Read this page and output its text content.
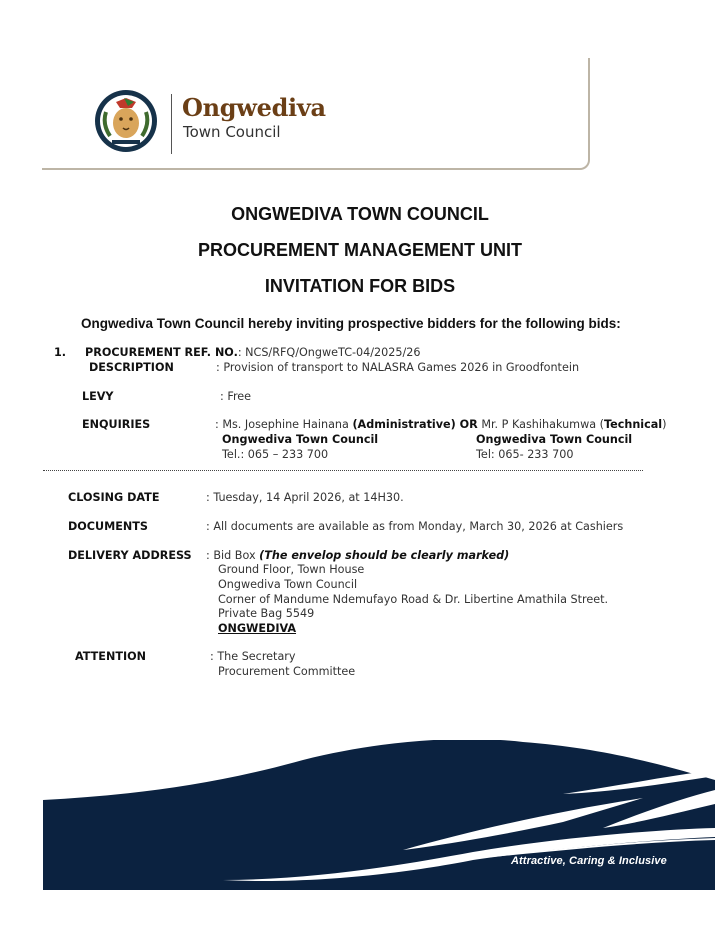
Ongwediva
Town Council
ONGWEDIVA TOWN COUNCIL
PROCUREMENT MANAGEMENT UNIT
INVITATION FOR BIDS
Ongwediva Town Council hereby inviting prospective bidders for the following bids:
1. PROCUREMENT REF. NO.: NCS/RFQ/OngweTC-04/2025/26
DESCRIPTION	: Provision of transport to NALASRA Games 2026 in Groodfontein
LEVY	: Free
ENQUIRIES	: Ms. Josephine Hainana (Administrative) OR Mr. P Kashihakumwa (Technical)
Ongwediva Town Council
Tel.: 065 – 233 700
Ongwediva Town Council
Tel: 065- 233 700
CLOSING DATE	: Tuesday, 14 April 2026, at 14H30.
DOCUMENTS	: All documents are available as from Monday, March 30, 2026 at Cashiers
DELIVERY ADDRESS : Bid Box (The envelop should be clearly marked)
Ground Floor, Town House
Ongwediva Town Council
Corner of Mandume Ndemufayo Road & Dr. Libertine Amathila Street.
Private Bag 5549
ONGWEDIVA
ATTENTION	: The Secretary
Procurement Committee
Attractive, Caring & Inclusive
